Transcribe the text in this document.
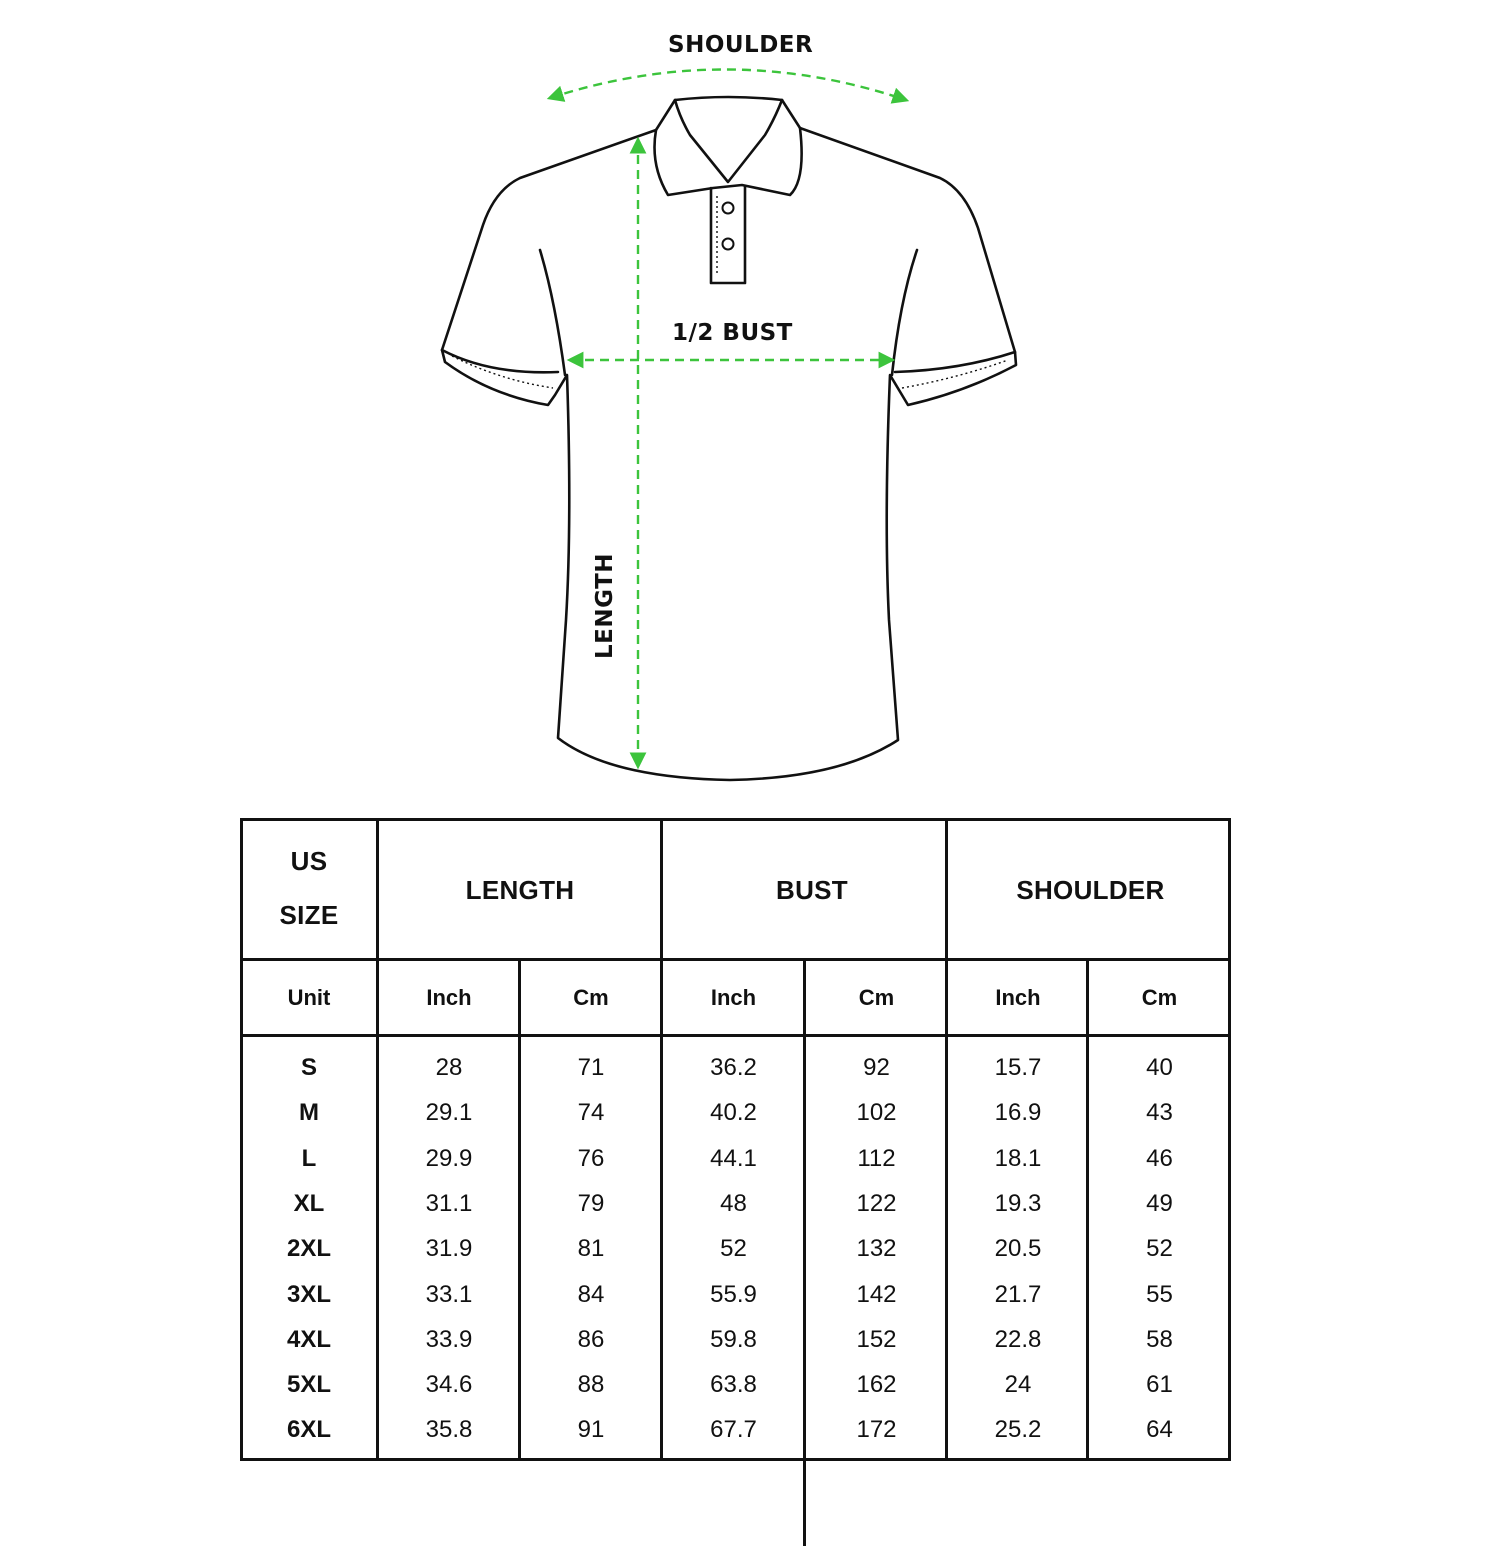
SHOULDER
1/2 BUST
LENGTH
US
SIZE
LENGTH	BUST	SHOULDER
Unit	Inch	Cm	Inch	Cm	Inch	Cm
S	28	71	36.2	92	15.7	40
M	29.1	74	40.2	102	16.9	43
L	29.9	76	44.1	112	18.1	46
XL	31.1	79	48	122	19.3	49
2XL	31.9	81	52	132	20.5	52
3XL	33.1	84	55.9	142	21.7	55
4XL	33.9	86	59.8	152	22.8	58
5XL	34.6	88	63.8	162	24	61
6XL	35.8	91	67.7	172	25.2	64
